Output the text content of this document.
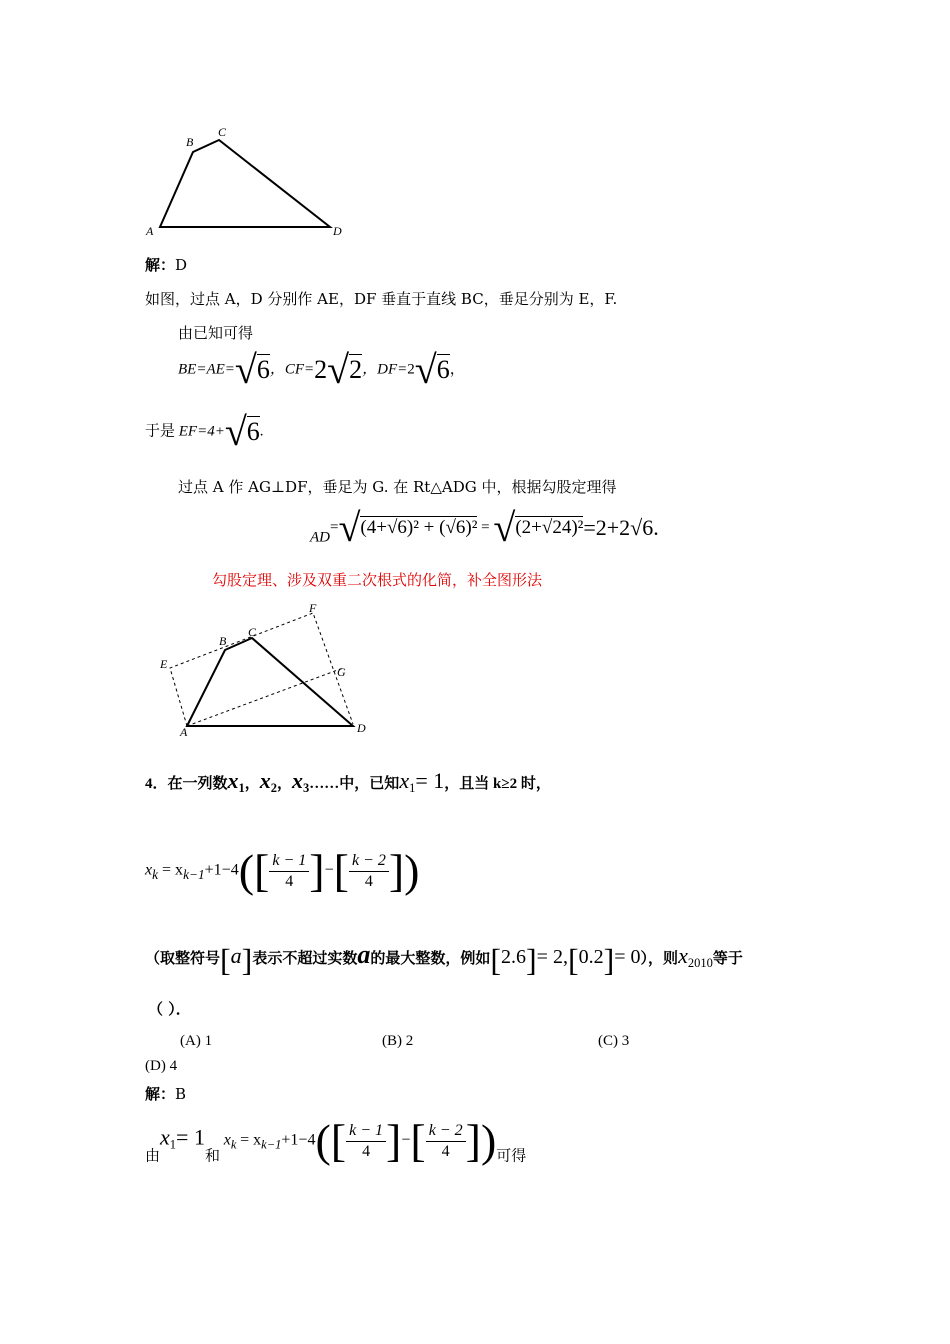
A
B
C
D
解：D
如图，过点 A，D 分别作 AE，DF 垂直于直线 BC，垂足分别为 E，F.
由已知可得
BE=AE=√6，CF=2√2，DF=2√6，
于是 EF=4+√6.
过点 A 作 AG⊥DF，垂足为 G. 在 Rt△ADG 中，根据勾股定理得
AD=√(4+√6)² + (√6)² = √(2+√24)²=2+2√6.
勾股定理、涉及双重二次根式的化简，补全图形法
A
B
C
D
E
F
G
4．在一列数$x_1$，$x_2$，$x_3\dots\dots$中，已知$x_1= 1$，且当 k≥2 时，
$x_k = x_{k-1}+1-4([ \frac{k - 1}{4}$ ]−[ $\frac{k - 2}{4}$ ])
（取整符号[a]表示不超过实数a的最大整数，例如[2.6]= 2,[0.2]= 0），则$x_{2010}$等于
（ ）．
(A) 1	(B) 2	(C) 3
(D) 4
解：B
由$x_1= 1$和 $x_k = x_{k-1}+1-4([ \frac{k - 1}{4}$ ]−[ $\frac{k - 2}{4}$ ])可得
